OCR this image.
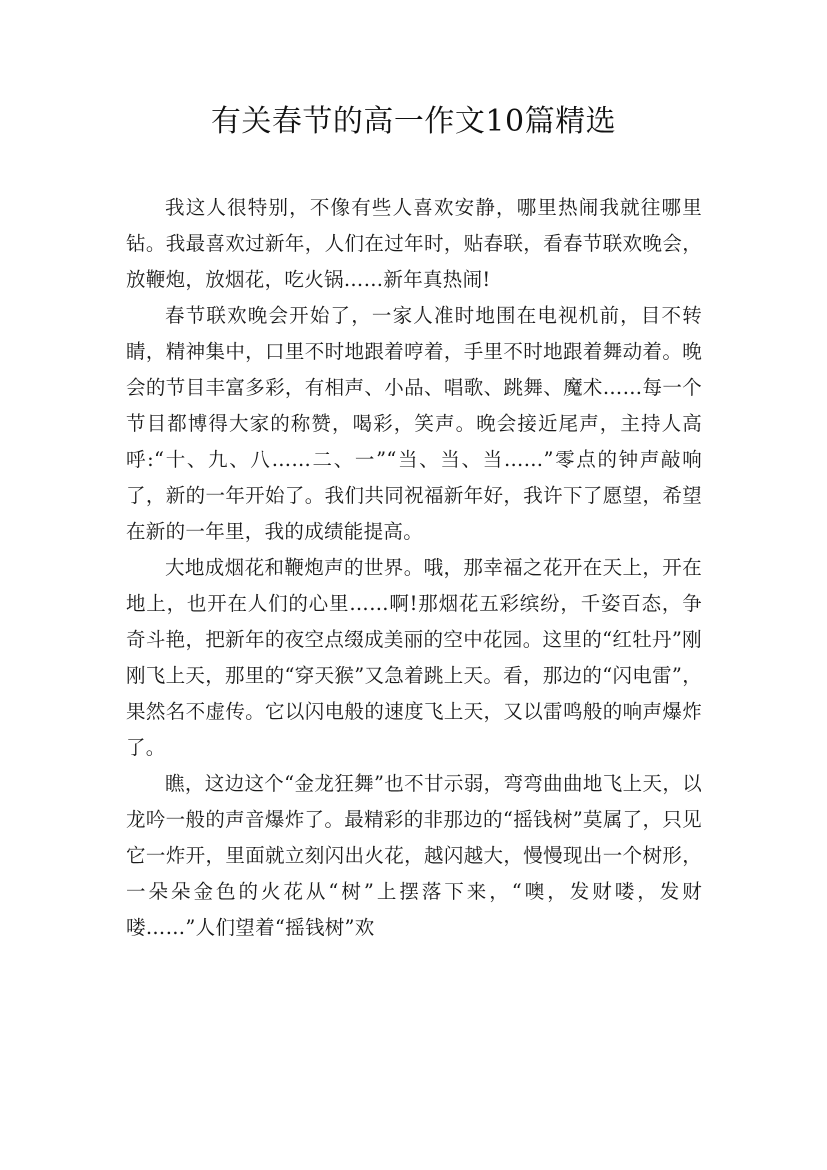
有关春节的高一作文10篇精选

我这人很特别，不像有些人喜欢安静，哪里热闹我就往哪里钻。我最喜欢过新年，人们在过年时，贴春联，看春节联欢晚会，放鞭炮，放烟花，吃火锅……新年真热闹!

春节联欢晚会开始了，一家人准时地围在电视机前，目不转睛，精神集中，口里不时地跟着哼着，手里不时地跟着舞动着。晚会的节目丰富多彩，有相声、小品、唱歌、跳舞、魔术……每一个节目都博得大家的称赞，喝彩，笑声。晚会接近尾声，主持人高呼:“十、九、八……二、一”“当、当、当……”零点的钟声敲响了，新的一年开始了。我们共同祝福新年好，我许下了愿望，希望在新的一年里，我的成绩能提高。

大地成烟花和鞭炮声的世界。哦，那幸福之花开在天上，开在地上，也开在人们的心里……啊!那烟花五彩缤纷，千姿百态，争奇斗艳，把新年的夜空点缀成美丽的空中花园。这里的“红牡丹”刚刚飞上天，那里的“穿天猴”又急着跳上天。看，那边的“闪电雷”，果然名不虚传。它以闪电般的速度飞上天，又以雷鸣般的响声爆炸了。

瞧，这边这个“金龙狂舞”也不甘示弱，弯弯曲曲地飞上天，以龙吟一般的声音爆炸了。最精彩的非那边的“摇钱树”莫属了，只见它一炸开，里面就立刻闪出火花，越闪越大，慢慢现出一个树形，一朵朵金色的火花从“树”上摆落下来，“噢，发财喽，发财喽……”人们望着“摇钱树”欢
